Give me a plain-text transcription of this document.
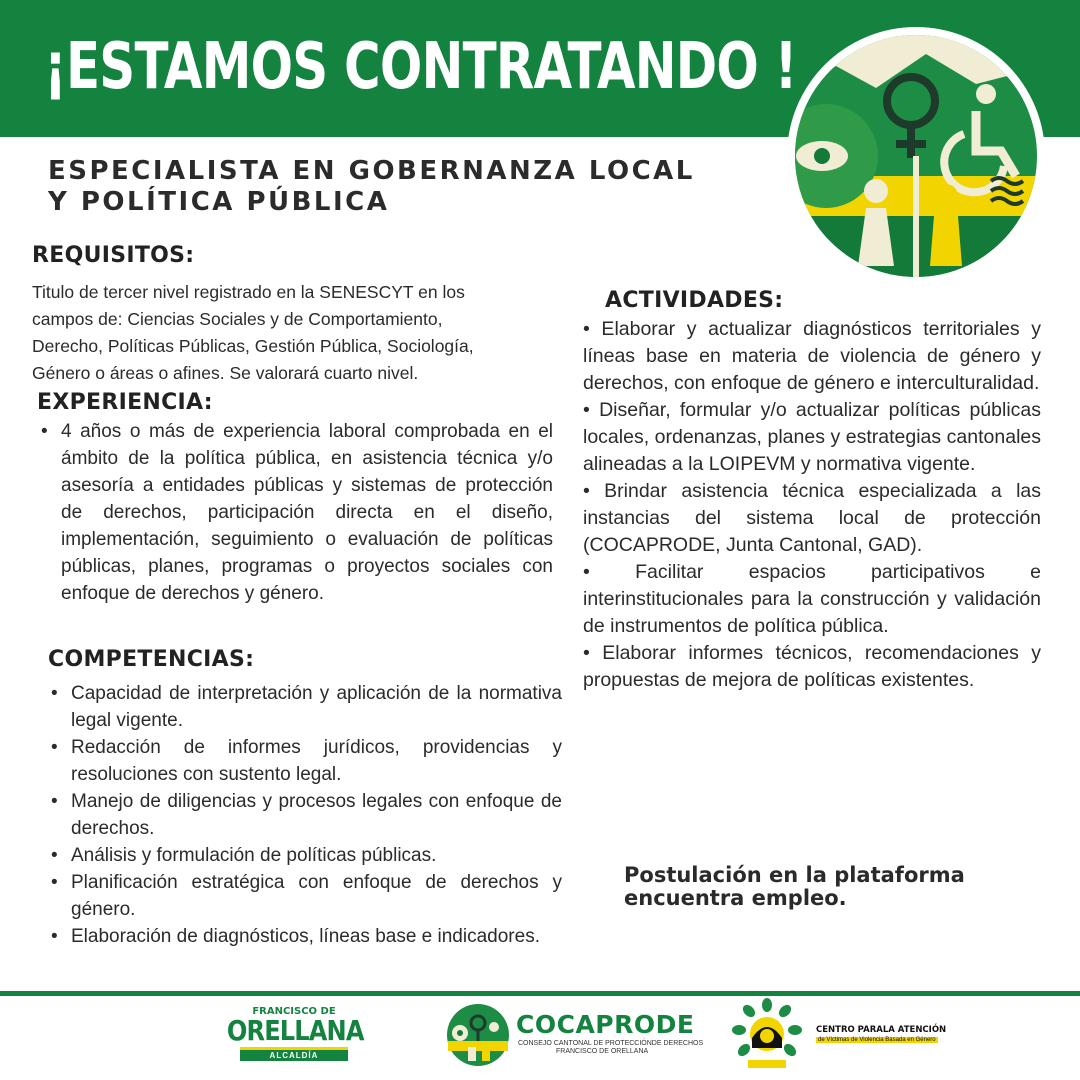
¡ESTAMOS CONTRATANDO !
ESPECIALISTA EN GOBERNANZA LOCAL
Y POLÍTICA PÚBLICA
REQUISITOS:

Titulo de tercer nivel registrado en la SENESCYT en los
campos de: Ciencias Sociales y de Comportamiento,
Derecho, Políticas Públicas, Gestión Pública, Sociología,
Género o áreas o afines. Se valorará cuarto nivel.

EXPERIENCIA:
• 4 años o más de experiencia laboral comprobada en el ámbito de la política pública, en asistencia técnica y/o asesoría a entidades públicas y sistemas de protección de derechos, participación directa en el diseño, implementación, seguimiento o evaluación de políticas públicas, planes, programas o proyectos sociales con enfoque de derechos y género.
COMPETENCIAS:
• Capacidad de interpretación y aplicación de la normativa legal vigente.
• Redacción de informes jurídicos, providencias y resoluciones con sustento legal.
• Manejo de diligencias y procesos legales con enfoque de derechos.
• Análisis y formulación de políticas públicas.
• Planificación estratégica con enfoque de derechos y género.
• Elaboración de diagnósticos, líneas base e indicadores.
ACTIVIDADES:

• Elaborar y actualizar diagnósticos territoriales y líneas base en materia de violencia de género y derechos, con enfoque de género e interculturalidad.

• Diseñar, formular y/o actualizar políticas públicas locales, ordenanzas, planes y estrategias cantonales alineadas a la LOIPEVM y normativa vigente.

• Brindar asistencia técnica especializada a las instancias del sistema local de protección (COCAPRODE, Junta Cantonal, GAD).

• Facilitar espacios participativos e interinstitucionales para la construcción y validación de instrumentos de política pública.

• Elaborar informes técnicos, recomendaciones y propuestas de mejora de políticas existentes.

Postulación en la plataforma
encuentra empleo.

FRANCISCO DE
ORELLANA
ALCALDÍA
COCAPRODE
CONSEJO CANTONAL DE PROTECCIÓNDE DERECHOS
FRANCISCO DE ORELLANA
CENTRO PARALA ATENCIÓN
de Víctimas de Violencia Basada en Género
